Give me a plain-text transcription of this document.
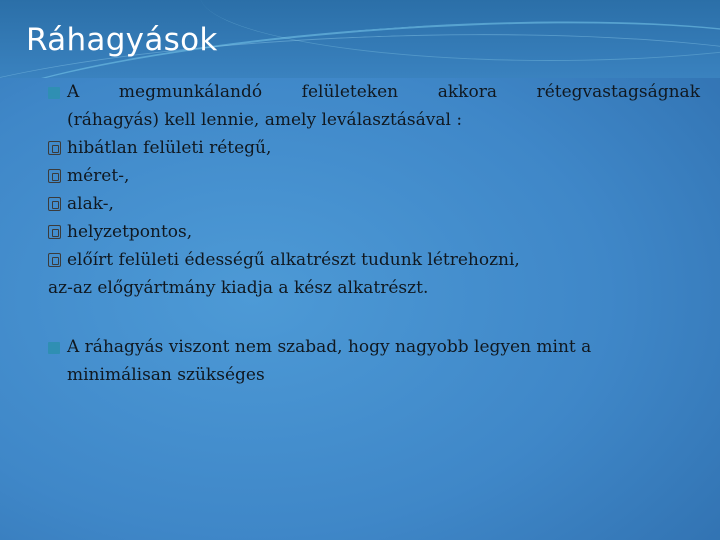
Ráhagyások
A megmunkálandó felületeken akkora rétegvastagságnak
(ráhagyás) kell lennie, amely leválasztásával :
hibátlan felületi rétegű,
méret-,
alak-,
helyzetpontos,
előírt felületi édességű alkatrészt tudunk létrehozni,
az-az előgyártmány kiadja a kész alkatrészt.
A ráhagyás viszont nem szabad, hogy nagyobb legyen mint a
minimálisan szükséges
